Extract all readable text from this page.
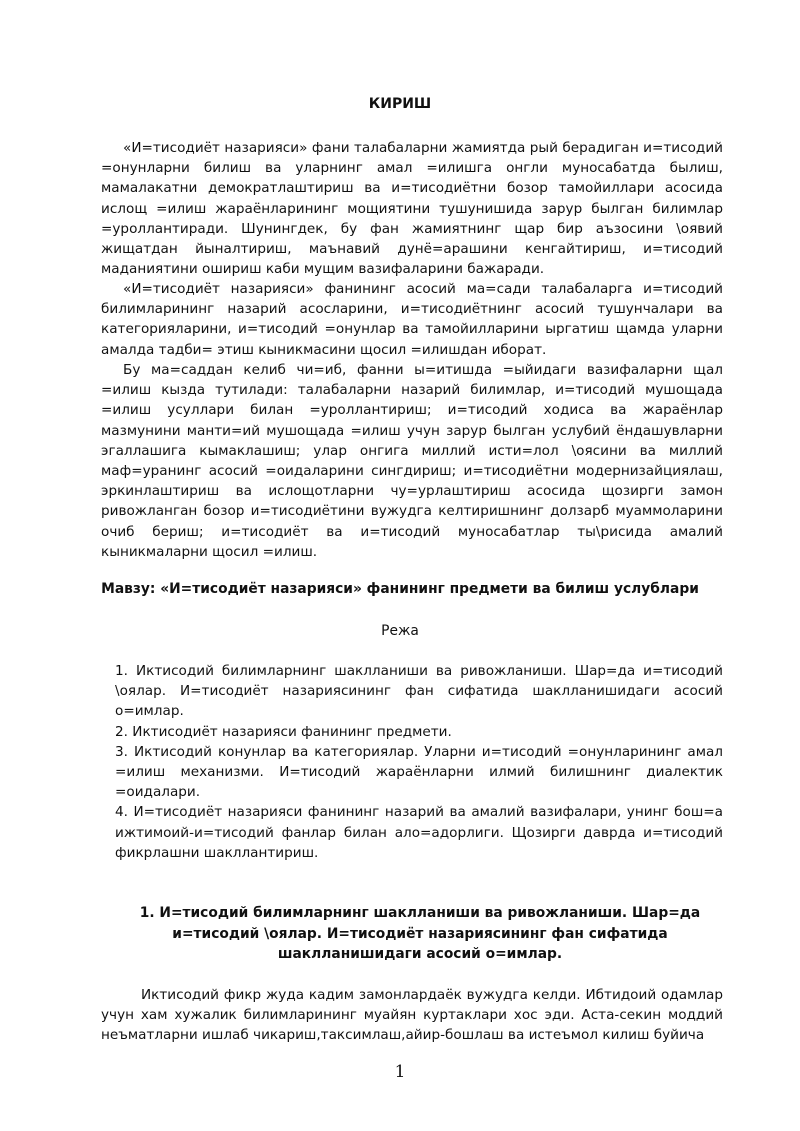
КИРИШ

«И=тисодиёт назарияси» фани талабаларни жамиятда рый берадиган и=тисодий =онунларни билиш ва уларнинг амал =илишга онгли муносабатда былиш, мамалакатни демократлаштириш ва и=тисодиётни бозор тамойиллари асосида ислощ =илиш жараёнларининг мощиятини тушунишида зарур былган билимлар =уроллантиради. Шунингдек, бу фан жамиятнинг щар бир аъзосини \оявий жищатдан йыналтириш, маънавий дунё=арашини кенгайтириш, и=тисодий маданиятини ошириш каби мущим вазифаларини бажаради.

«И=тисодиёт назарияси» фанининг асосий ма=сади талабаларга и=тисодий билимларининг назарий асосларини, и=тисодиётнинг асосий тушунчалари ва категорияларини, и=тисодий =онунлар ва тамойилларини ыргатиш щамда уларни амалда тадби= этиш кыникмасини щосил =илишдан иборат.

Бу ма=саддан келиб чи=иб, фанни ы=итишда =ыйидаги вазифаларни щал =илиш кызда тутилади: талабаларни назарий билимлар, и=тисодий мушощада =илиш усуллари билан =уроллантириш; и=тисодий ходиса ва жараёнлар мазмунини манти=ий мушощада =илиш учун зарур былган услубий ёндашувларни эгаллашига кымаклашиш; улар онгига миллий исти=лол \оясини ва миллий маф=уранинг асосий =оидаларини сингдириш; и=тисодиётни модернизайциялаш, эркинлаштириш ва ислощотларни чу=урлаштириш асосида щозирги замон ривожланган бозор и=тисодиётини вужудга келтиришнинг долзарб муаммоларини очиб бериш; и=тисодиёт ва и=тисодий муносабатлар ты\рисида амалий кыникмаларни щосил =илиш.

Мавзу: «И=тисодиёт назарияси» фанининг предмети ва билиш услублари
Режа
1. Иктисодий билимларнинг шаклланиши ва ривожланиши. Шар=да и=тисодий \оялар. И=тисодиёт назариясининг фан сифатида шаклланишидаги асосий о=имлар.
2. Иктисодиёт назарияси фанининг предмети.
3. Иктисодий конунлар ва категориялар. Уларни и=тисодий =онунларининг амал =илиш механизми. И=тисодий жараёнларни илмий билишнинг диалектик =оидалари.
4. И=тисодиёт назарияси фанининг назарий ва амалий вазифалари, унинг бош=а ижтимоий-и=тисодий фанлар билан ало=адорлиги. Щозирги даврда и=тисодий фикрлашни шакллантириш.
1. И=тисодий билимларнинг шаклланиши ва ривожланиши. Шар=да
и=тисодий \оялар. И=тисодиёт назариясининг фан сифатида
шаклланишидаги асосий о=имлар.

Иктисодий фикр жуда кадим замонлардаёк вужудга келди. Ибтидоий одамлар учун хам хужалик билимларининг муайян куртаклари хос эди. Аста-секин моддий неъматларни ишлаб чикариш,таксимлаш,айир-бошлаш ва истеъмол килиш буйича

1
